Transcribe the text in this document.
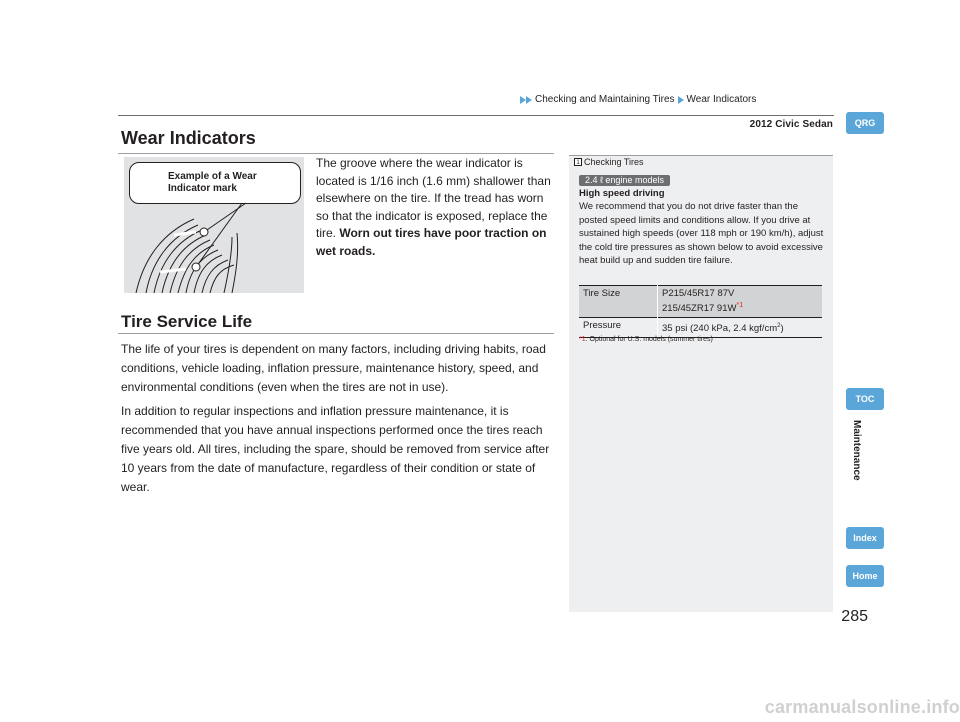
Checking and Maintaining Tires Wear Indicators
2012 Civic Sedan
Wear Indicators
Example of a Wear
Indicator mark
The groove where the wear indicator is located is 1/16 inch (1.6 mm) shallower than elsewhere on the tire. If the tread has worn so that the indicator is exposed, replace the tire. Worn out tires have poor traction on wet roads.
Tire Service Life
The life of your tires is dependent on many factors, including driving habits, road conditions, vehicle loading, inflation pressure, maintenance history, speed, and environmental conditions (even when the tires are not in use).
In addition to regular inspections and inflation pressure maintenance, it is recommended that you have annual inspections performed once the tires reach five years old. All tires, including the spare, should be removed from service after 10 years from the date of manufacture, regardless of their condition or state of wear.
1 Checking Tires
2.4 ℓ engine models
High speed driving
We recommend that you do not drive faster than the posted speed limits and conditions allow. If you drive at sustained high speeds (over 118 mph or 190 km/h), adjust the cold tire pressures as shown below to avoid excessive heat build up and sudden tire failure.
Tire Size	P215/45R17 87V
215/45ZR17 $91W^{*1}$
Pressure	35 psi (240 kPa, 2.4 kgf/$cm^2$)
*1: Optional for U.S. models (summer tires)
QRG
TOC
Maintenance
Index
Home
285
carmanualsonline.info
